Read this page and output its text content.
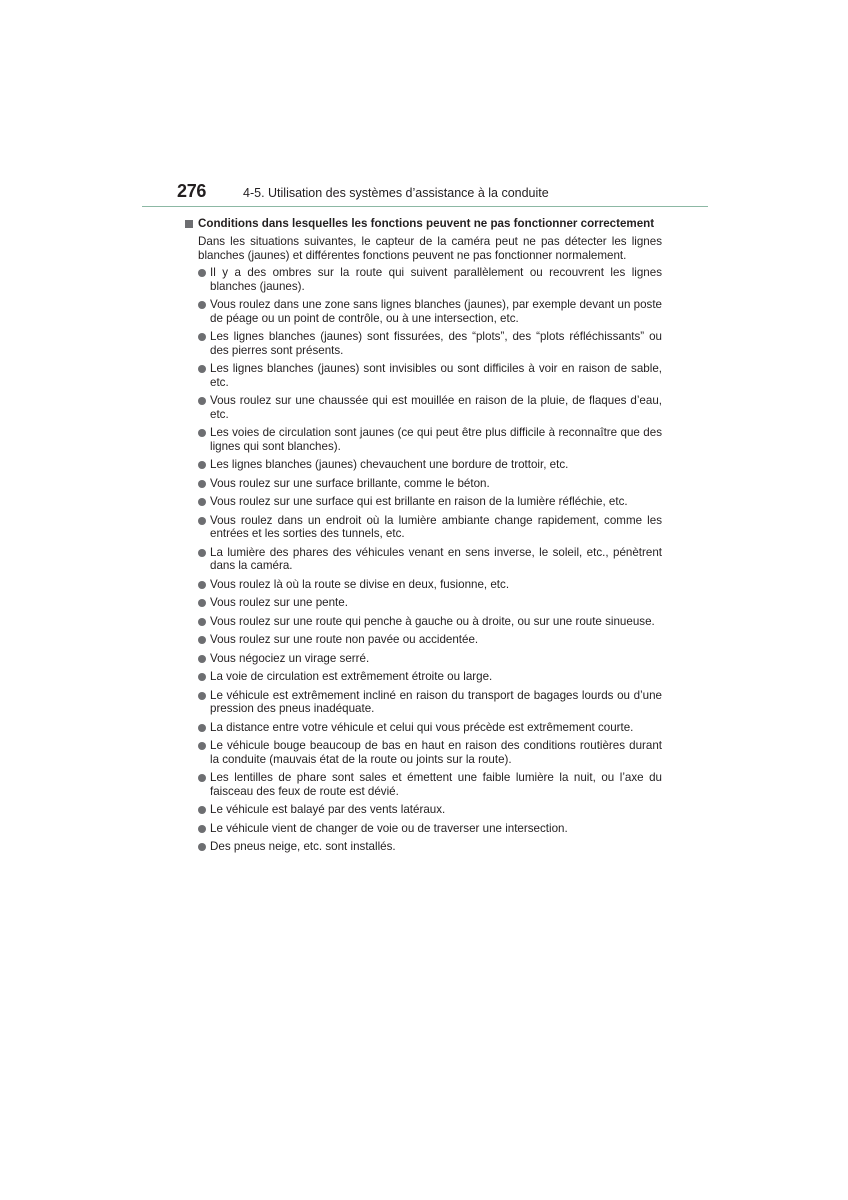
276	4-5. Utilisation des systèmes d’assistance à la conduite
Conditions dans lesquelles les fonctions peuvent ne pas fonctionner correctement

Dans les situations suivantes, le capteur de la caméra peut ne pas détecter les lignes blanches (jaunes) et différentes fonctions peuvent ne pas fonctionner normalement.

Il y a des ombres sur la route qui suivent parallèlement ou recouvrent les lignes blanches (jaunes).
Vous roulez dans une zone sans lignes blanches (jaunes), par exemple devant un poste de péage ou un point de contrôle, ou à une intersection, etc.
Les lignes blanches (jaunes) sont fissurées, des “plots”, des “plots réfléchissants” ou des pierres sont présents.
Les lignes blanches (jaunes) sont invisibles ou sont difficiles à voir en raison de sable, etc.
Vous roulez sur une chaussée qui est mouillée en raison de la pluie, de flaques d’eau, etc.
Les voies de circulation sont jaunes (ce qui peut être plus difficile à reconnaître que des lignes qui sont blanches).
Les lignes blanches (jaunes) chevauchent une bordure de trottoir, etc.
Vous roulez sur une surface brillante, comme le béton.
Vous roulez sur une surface qui est brillante en raison de la lumière réfléchie, etc.
Vous roulez dans un endroit où la lumière ambiante change rapidement, comme les entrées et les sorties des tunnels, etc.
La lumière des phares des véhicules venant en sens inverse, le soleil, etc., pénètrent dans la caméra.
Vous roulez là où la route se divise en deux, fusionne, etc.
Vous roulez sur une pente.
Vous roulez sur une route qui penche à gauche ou à droite, ou sur une route sinueuse.
Vous roulez sur une route non pavée ou accidentée.
Vous négociez un virage serré.
La voie de circulation est extrêmement étroite ou large.
Le véhicule est extrêmement incliné en raison du transport de bagages lourds ou d’une pression des pneus inadéquate.
La distance entre votre véhicule et celui qui vous précède est extrêmement courte.
Le véhicule bouge beaucoup de bas en haut en raison des conditions routières durant la conduite (mauvais état de la route ou joints sur la route).
Les lentilles de phare sont sales et émettent une faible lumière la nuit, ou l’axe du faisceau des feux de route est dévié.
Le véhicule est balayé par des vents latéraux.
Le véhicule vient de changer de voie ou de traverser une intersection.
Des pneus neige, etc. sont installés.
